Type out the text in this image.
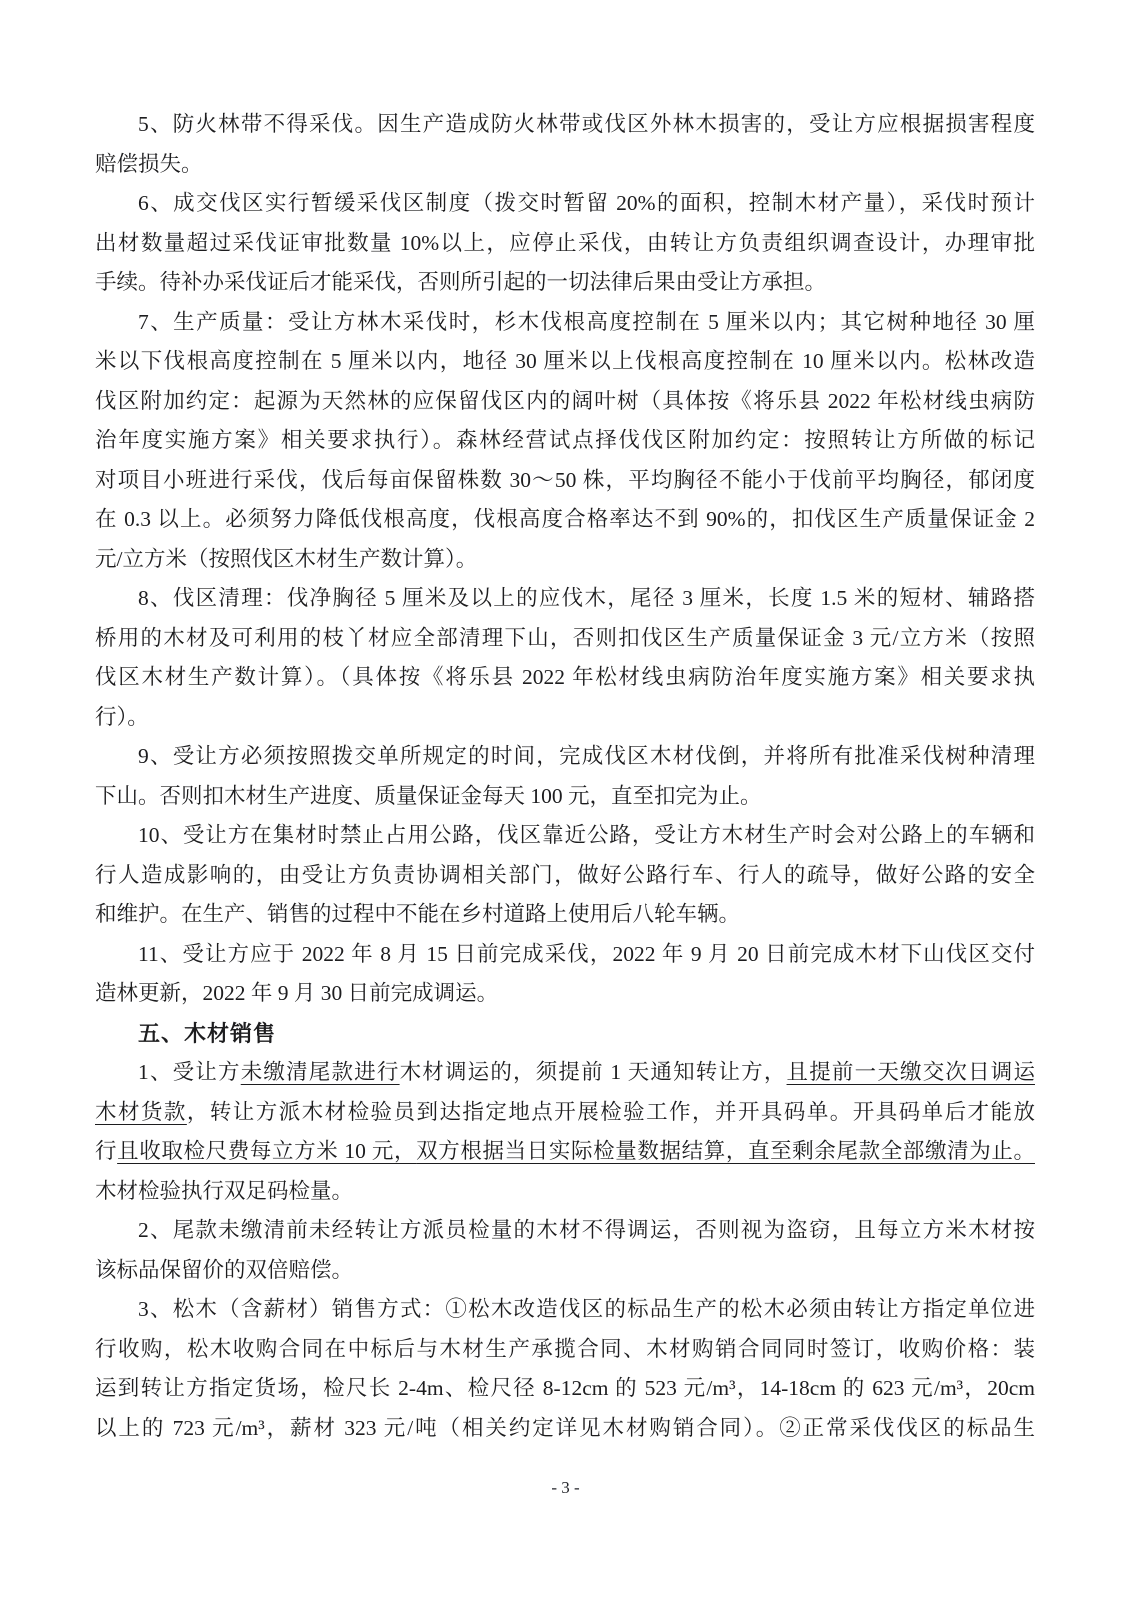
5、防火林带不得采伐。因生产造成防火林带或伐区外林木损害的，受让方应根据损害程度
赔偿损失。
6、成交伐区实行暂缓采伐区制度（拨交时暂留 20%的面积，控制木材产量），采伐时预计
出材数量超过采伐证审批数量 10%以上，应停止采伐，由转让方负责组织调查设计，办理审批
手续。待补办采伐证后才能采伐，否则所引起的一切法律后果由受让方承担。
7、生产质量：受让方林木采伐时，杉木伐根高度控制在 5 厘米以内；其它树种地径 30 厘
米以下伐根高度控制在 5 厘米以内，地径 30 厘米以上伐根高度控制在 10 厘米以内。松林改造
伐区附加约定：起源为天然林的应保留伐区内的阔叶树（具体按《将乐县 2022 年松材线虫病防
治年度实施方案》相关要求执行）。森林经营试点择伐伐区附加约定：按照转让方所做的标记
对项目小班进行采伐，伐后每亩保留株数 30～50 株，平均胸径不能小于伐前平均胸径，郁闭度
在 0.3 以上。必须努力降低伐根高度，伐根高度合格率达不到 90%的，扣伐区生产质量保证金 2
元/立方米（按照伐区木材生产数计算）。
8、伐区清理：伐净胸径 5 厘米及以上的应伐木，尾径 3 厘米，长度 1.5 米的短材、辅路搭
桥用的木材及可利用的枝丫材应全部清理下山，否则扣伐区生产质量保证金 3 元/立方米（按照
伐区木材生产数计算）。（具体按《将乐县 2022 年松材线虫病防治年度实施方案》相关要求执
行）。
9、受让方必须按照拨交单所规定的时间，完成伐区木材伐倒，并将所有批准采伐树种清理
下山。否则扣木材生产进度、质量保证金每天 100 元，直至扣完为止。
10、受让方在集材时禁止占用公路，伐区靠近公路，受让方木材生产时会对公路上的车辆和
行人造成影响的，由受让方负责协调相关部门，做好公路行车、行人的疏导，做好公路的安全
和维护。在生产、销售的过程中不能在乡村道路上使用后八轮车辆。
11、受让方应于 2022 年 8 月 15 日前完成采伐，2022 年 9 月 20 日前完成木材下山伐区交付
造林更新，2022 年 9 月 30 日前完成调运。
五、木材销售
1、受让方未缴清尾款进行木材调运的，须提前 1 天通知转让方，且提前一天缴交次日调运
木材货款，转让方派木材检验员到达指定地点开展检验工作，并开具码单。开具码单后才能放
行且收取检尺费每立方米 10 元，双方根据当日实际检量数据结算，直至剩余尾款全部缴清为止。
木材检验执行双足码检量。
2、尾款未缴清前未经转让方派员检量的木材不得调运，否则视为盗窃，且每立方米木材按
该标品保留价的双倍赔偿。
3、松木（含薪材）销售方式：①松木改造伐区的标品生产的松木必须由转让方指定单位进
行收购，松木收购合同在中标后与木材生产承揽合同、木材购销合同同时签订，收购价格：装
运到转让方指定货场，检尺长 2-4m、检尺径 8-12cm 的 523 元/m³，14-18cm 的 623 元/m³，20cm
以上的 723 元/m³，薪材 323 元/吨（相关约定详见木材购销合同）。②正常采伐伐区的标品生
- 3 -
